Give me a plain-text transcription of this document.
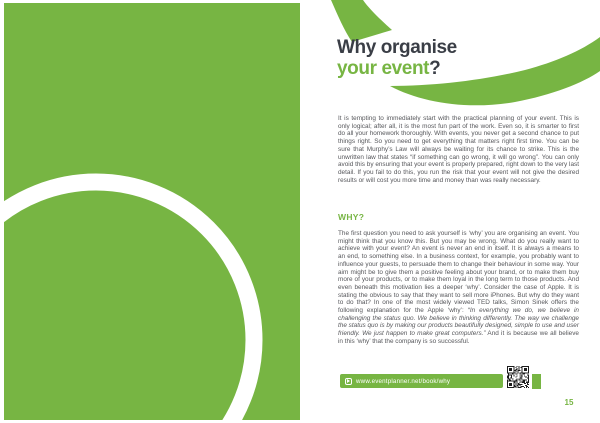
Why organise
your event?

It is tempting to immediately start with the practical planning of your event. This is only logical; after all, it is the most fun part of the work. Even so, it is smarter to first do all your homework thoroughly. With events, you never get a second chance to put things right. So you need to get everything that matters right first time. You can be sure that Murphy’s Law will always be waiting for its chance to strike. This is the unwritten law that states “if something can go wrong, it will go wrong”. You can only avoid this by ensuring that your event is properly prepared, right down to the very last detail. If you fail to do this, you run the risk that your event will not give the desired results or will cost you more time and money than was really necessary.

WHY?

The first question you need to ask yourself is ‘why’ you are organising an event. You might think that you know this. But you may be wrong. What do you really want to achieve with your event? An event is never an end in itself. It is always a means to an end, to something else. In a business context, for example, you probably want to influence your guests, to persuade them to change their behaviour in some way. Your aim might be to give them a positive feeling about your brand, or to make them buy more of your products, or to make them loyal in the long term to those products. And even beneath this motivation lies a deeper ‘why’. Consider the case of Apple. It is stating the obvious to say that they want to sell more iPhones. But why do they want to do that? In one of the most widely viewed TED talks, Simon Sinek offers the following explanation for the Apple ‘why’: “In everything we do, we believe in challenging the status quo. We believe in thinking differently. The way we challenge the status quo is by making our products beautifully designed, simple to use and user friendly. We just happen to make great computers.” And it is because we all believe in this ‘why’ that the company is so successful.

www.eventplanner.net/book/why
15
